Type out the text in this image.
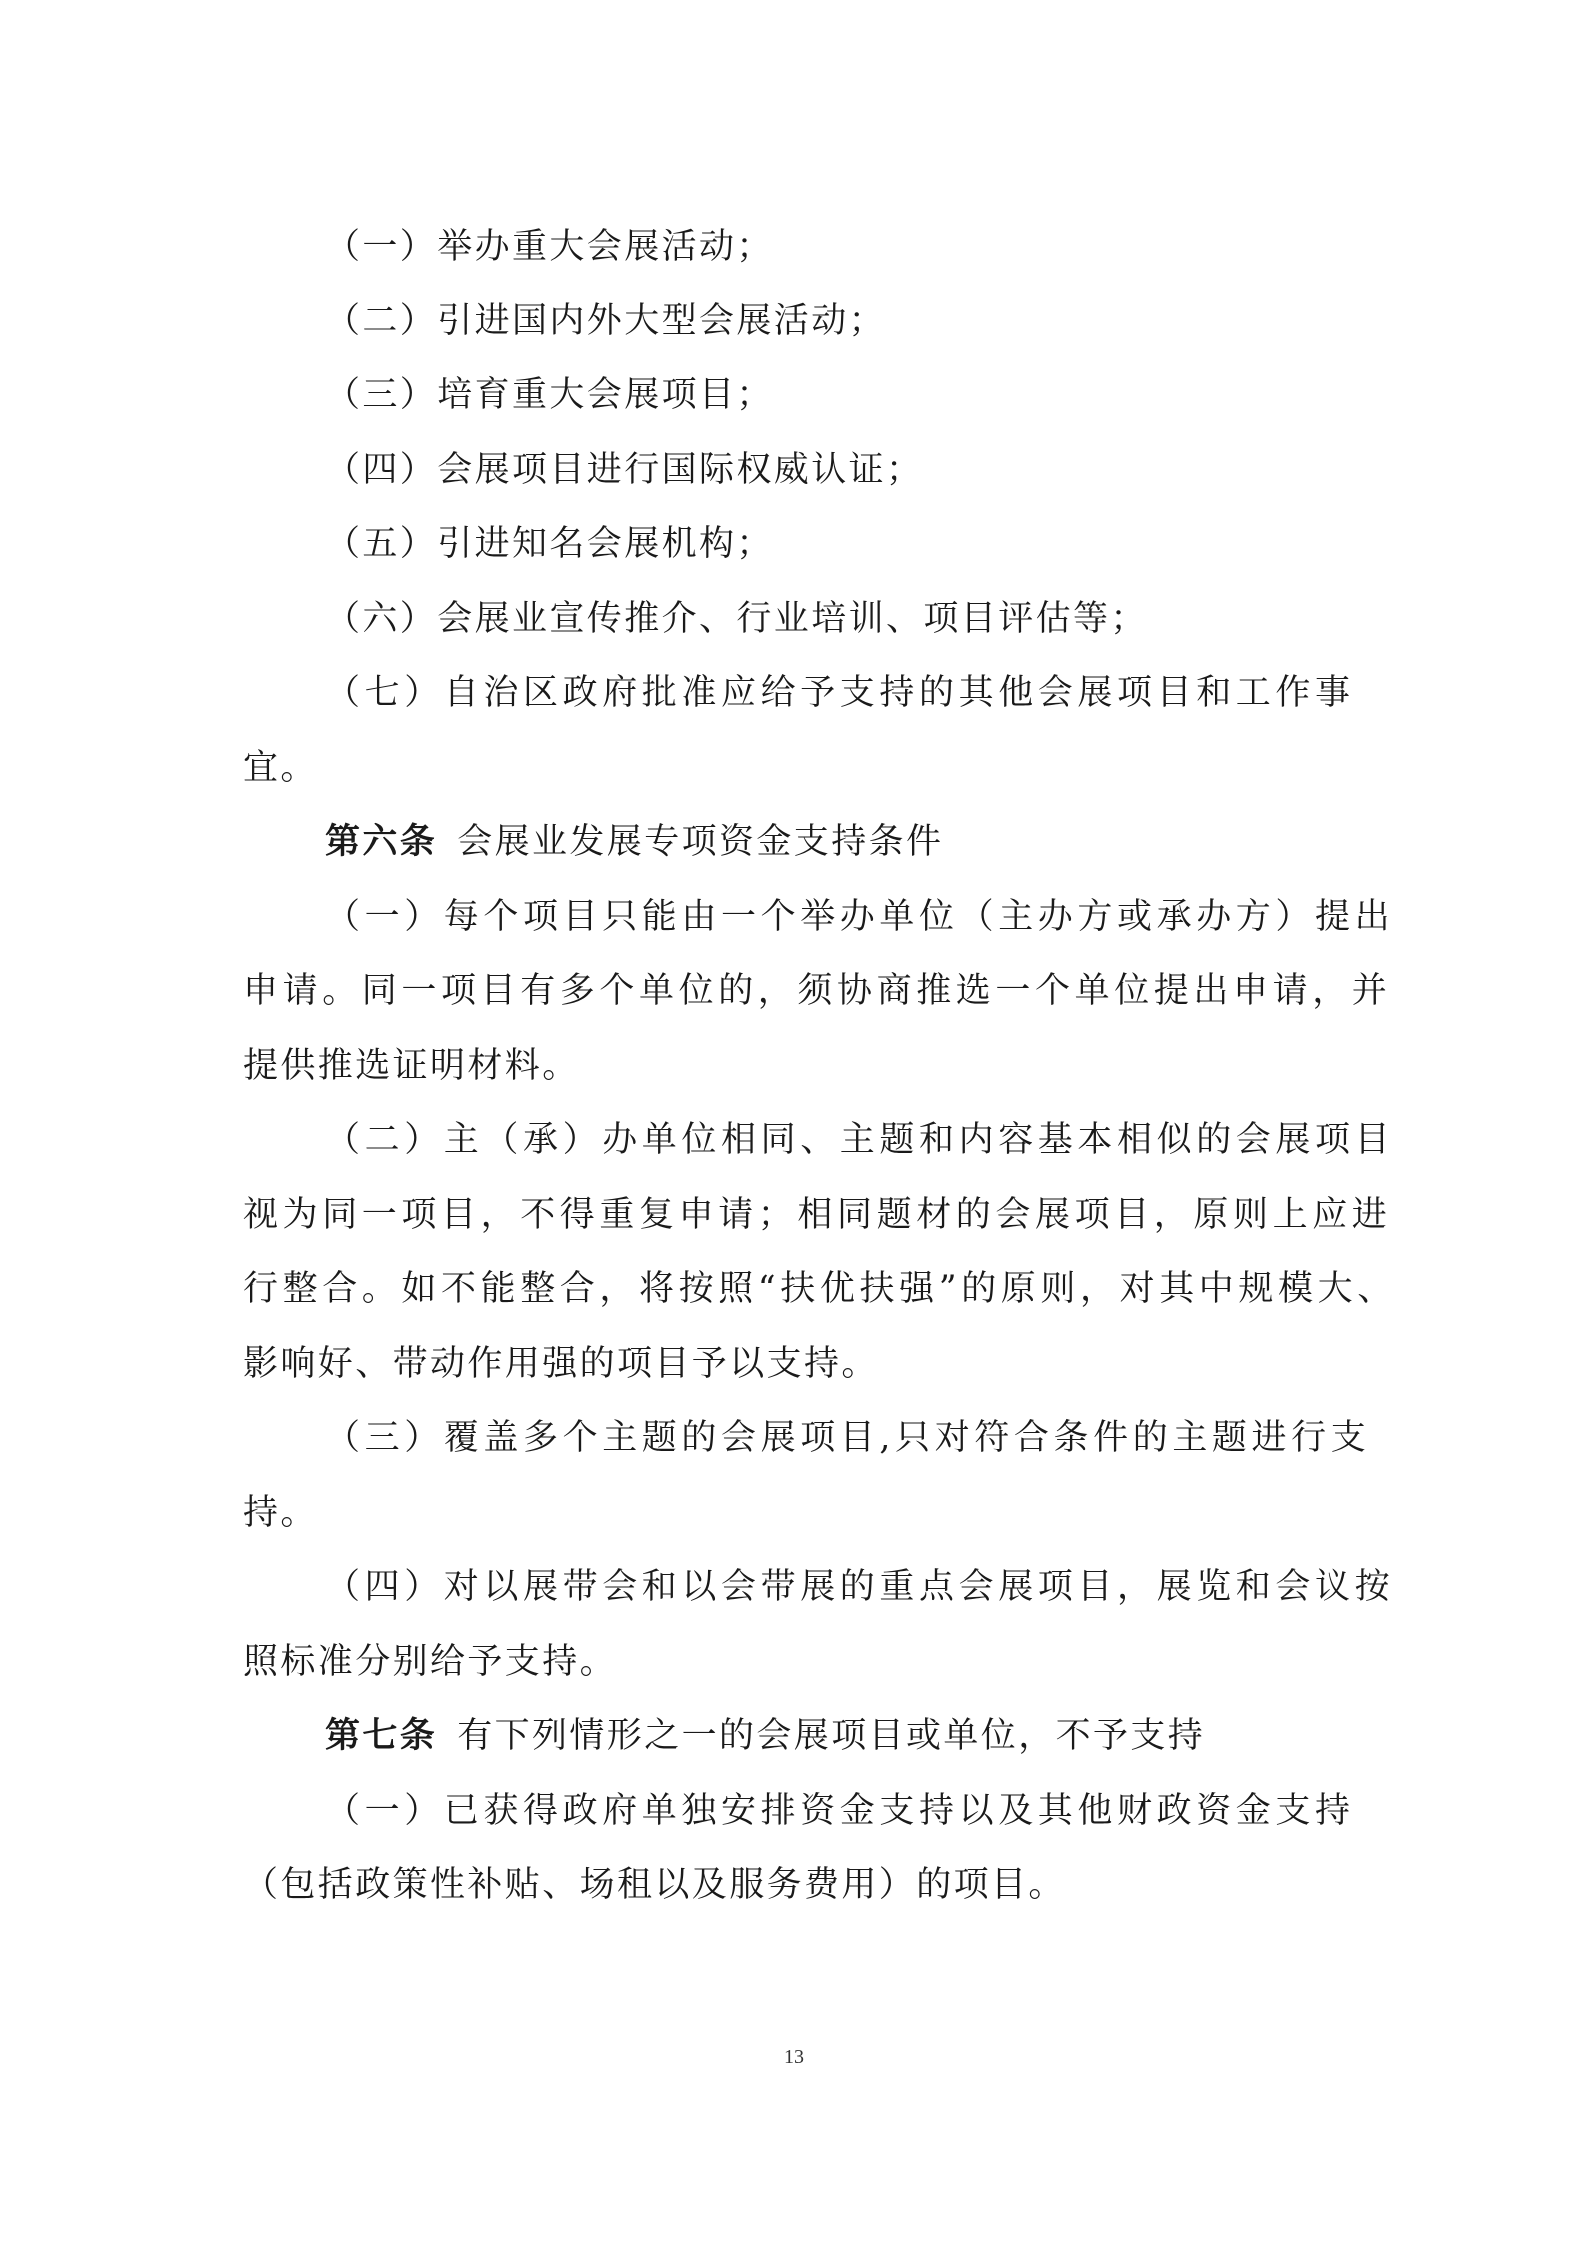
（一）举办重大会展活动；
（二）引进国内外大型会展活动；
（三）培育重大会展项目；
（四）会展项目进行国际权威认证；
（五）引进知名会展机构；
（六）会展业宣传推介、行业培训、项目评估等；
（七）自治区政府批准应给予支持的其他会展项目和工作事
宜。
第六条 会展业发展专项资金支持条件
（一）每个项目只能由一个举办单位（主办方或承办方）提出
申请。同一项目有多个单位的，须协商推选一个单位提出申请，并
提供推选证明材料。
（二）主（承）办单位相同、主题和内容基本相似的会展项目
视为同一项目，不得重复申请；相同题材的会展项目，原则上应进
行整合。如不能整合，将按照“扶优扶强”的原则，对其中规模大、
影响好、带动作用强的项目予以支持。
（三）覆盖多个主题的会展项目,只对符合条件的主题进行支
持。
（四）对以展带会和以会带展的重点会展项目，展览和会议按
照标准分别给予支持。
第七条 有下列情形之一的会展项目或单位，不予支持
（一）已获得政府单独安排资金支持以及其他财政资金支持
（包括政策性补贴、场租以及服务费用）的项目。
13
